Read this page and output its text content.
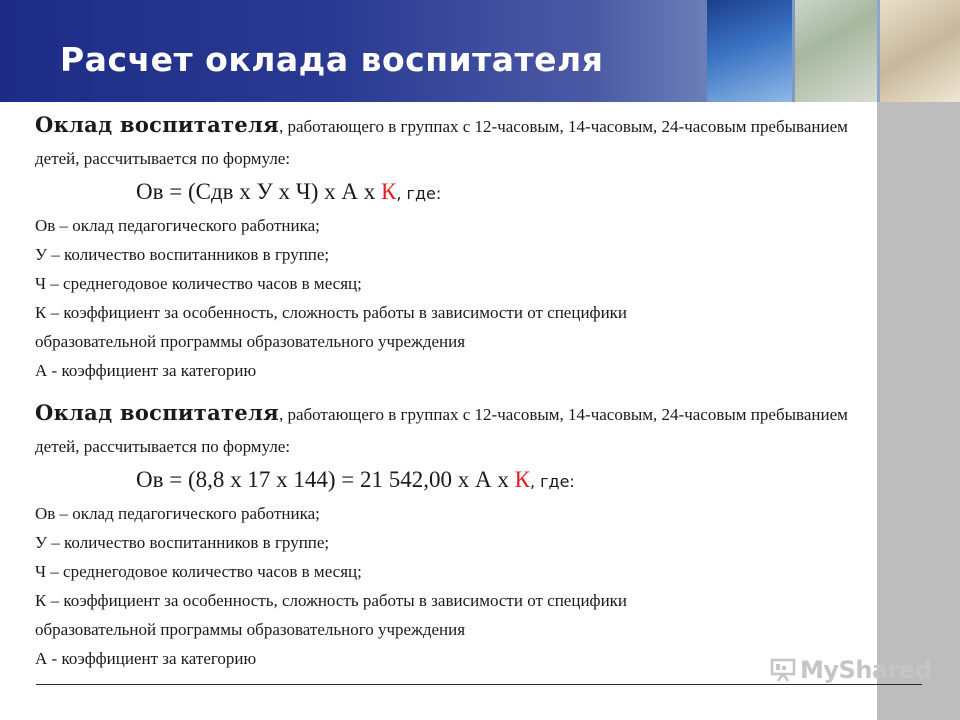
Расчет оклада воспитателя

Оклад воспитателя, работающего в группах с 12-часовым, 14-часовым, 24-часовым пребыванием детей, рассчитывается по формуле:

Ов = (Сдв х У х Ч) х А х К, где:

Ов – оклад педагогического работника;

У – количество воспитанников в группе;

Ч – среднегодовое количество часов в месяц;

К – коэффициент за особенность, сложность работы в зависимости от специфики

образовательной программы образовательного учреждения

А - коэффициент за категорию

Оклад воспитателя, работающего в группах с 12-часовым, 14-часовым, 24-часовым пребыванием детей, рассчитывается по формуле:

Ов = (8,8 х 17 х 144) = 21 542,00 х А х К, где:

Ов – оклад педагогического работника;

У – количество воспитанников в группе;

Ч – среднегодовое количество часов в месяц;

К – коэффициент за особенность, сложность работы в зависимости от специфики

образовательной программы образовательного учреждения

А - коэффициент за категорию	MyShared
